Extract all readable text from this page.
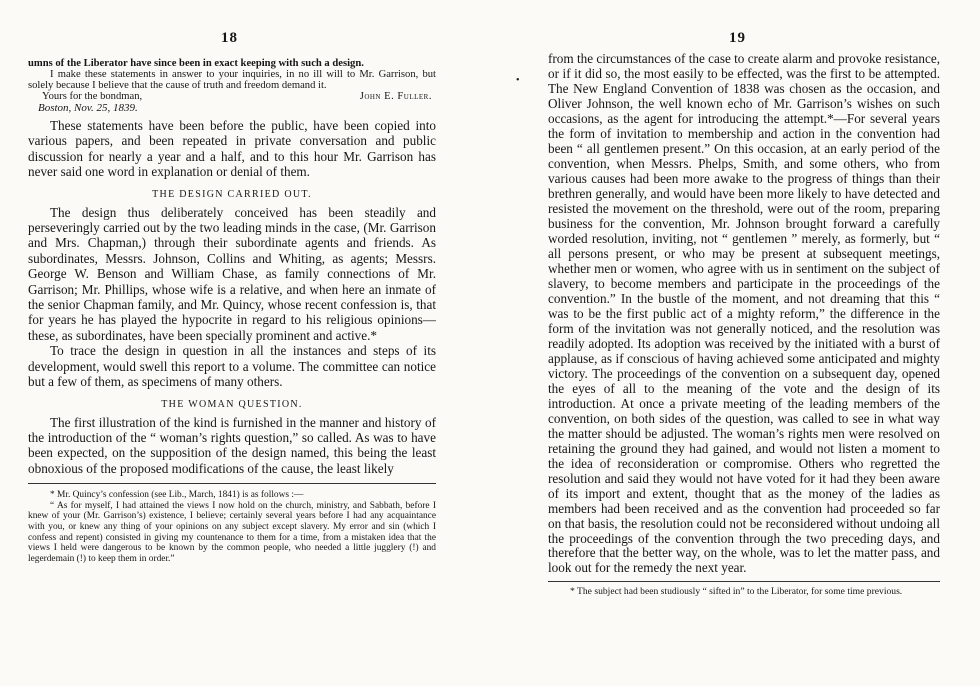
18

umns of the Liberator have since been in exact keeping with such a design.

I make these statements in answer to your inquiries, in no ill will to Mr. Garrison, but solely because I believe that the cause of truth and freedom demand it.

Yours for the bondman,	John E. Fuller.
Boston, Nov. 25, 1839.

These statements have been before the public, have been copied into various papers, and been repeated in private conversation and public discussion for nearly a year and a half, and to this hour Mr. Garrison has never said one word in explanation or denial of them.

THE DESIGN CARRIED OUT.

The design thus deliberately conceived has been steadily and perseveringly carried out by the two leading minds in the case, (Mr. Garrison and Mrs. Chapman,) through their subordinate agents and friends. As subordinates, Messrs. Johnson, Collins and Whiting, as agents; Messrs. George W. Benson and William Chase, as family connections of Mr. Garrison; Mr. Phillips, whose wife is a relative, and when here an inmate of the senior Chapman family, and Mr. Quincy, whose recent confession is, that for years he has played the hypocrite in regard to his religious opinions—these, as subordinates, have been specially prominent and active.*

To trace the design in question in all the instances and steps of its development, would swell this report to a volume. The committee can notice but a few of them, as specimens of many others.

THE WOMAN QUESTION.

The first illustration of the kind is furnished in the manner and history of the introduction of the “ woman’s rights question,” so called. As was to have been expected, on the supposition of the design named, this being the least obnoxious of the proposed modifications of the cause, the least likely

* Mr. Quincy’s confession (see Lib., March, 1841) is as follows :—

“ As for myself, I had attained the views I now hold on the church, ministry, and Sabbath, before I knew of your (Mr. Garrison’s) existence, I believe; certainly several years before I had any acquaintance with you, or knew any thing of your opinions on any subject except slavery. My error and sin (which I confess and repent) consisted in giving my countenance to them for a time, from a mistaken idea that the views I held were dangerous to be known by the common people, who needed a little jugglery (!) and legerdemain (!) to keep them in order.”

•
19

from the circumstances of the case to create alarm and provoke resistance, or if it did so, the most easily to be effected, was the first to be attempted. The New England Convention of 1838 was chosen as the occasion, and Oliver Johnson, the well known echo of Mr. Garrison’s wishes on such occasions, as the agent for introducing the attempt.*—For several years the form of invitation to membership and action in the convention had been “ all gentlemen present.” On this occasion, at an early period of the convention, when Messrs. Phelps, Smith, and some others, who from various causes had been more awake to the progress of things than their brethren generally, and would have been more likely to have detected and resisted the movement on the threshold, were out of the room, preparing business for the convention, Mr. Johnson brought forward a carefully worded resolution, inviting, not “ gentlemen ” merely, as formerly, but “ all persons present, or who may be present at subsequent meetings, whether men or women, who agree with us in sentiment on the subject of slavery, to become members and participate in the proceedings of the convention.” In the bustle of the moment, and not dreaming that this “ was to be the first public act of a mighty reform,” the difference in the form of the invitation was not generally noticed, and the resolution was readily adopted. Its adoption was received by the initiated with a burst of applause, as if conscious of having achieved some anticipated and mighty victory. The proceedings of the convention on a subsequent day, opened the eyes of all to the meaning of the vote and the design of its introduction. At once a private meeting of the leading members of the convention, on both sides of the question, was called to see in what way the matter should be adjusted. The woman’s rights men were resolved on retaining the ground they had gained, and would not listen a moment to the idea of reconsideration or compromise. Others who regretted the resolution and said they would not have voted for it had they been aware of its import and extent, thought that as the money of the ladies as members had been received and as the convention had proceeded so far on that basis, the resolution could not be reconsidered without undoing all the proceedings of the convention through the two preceding days, and therefore that the better way, on the whole, was to let the matter pass, and look out for the remedy the next year.

* The subject had been studiously “ sifted in” to the Liberator, for some time previous.
